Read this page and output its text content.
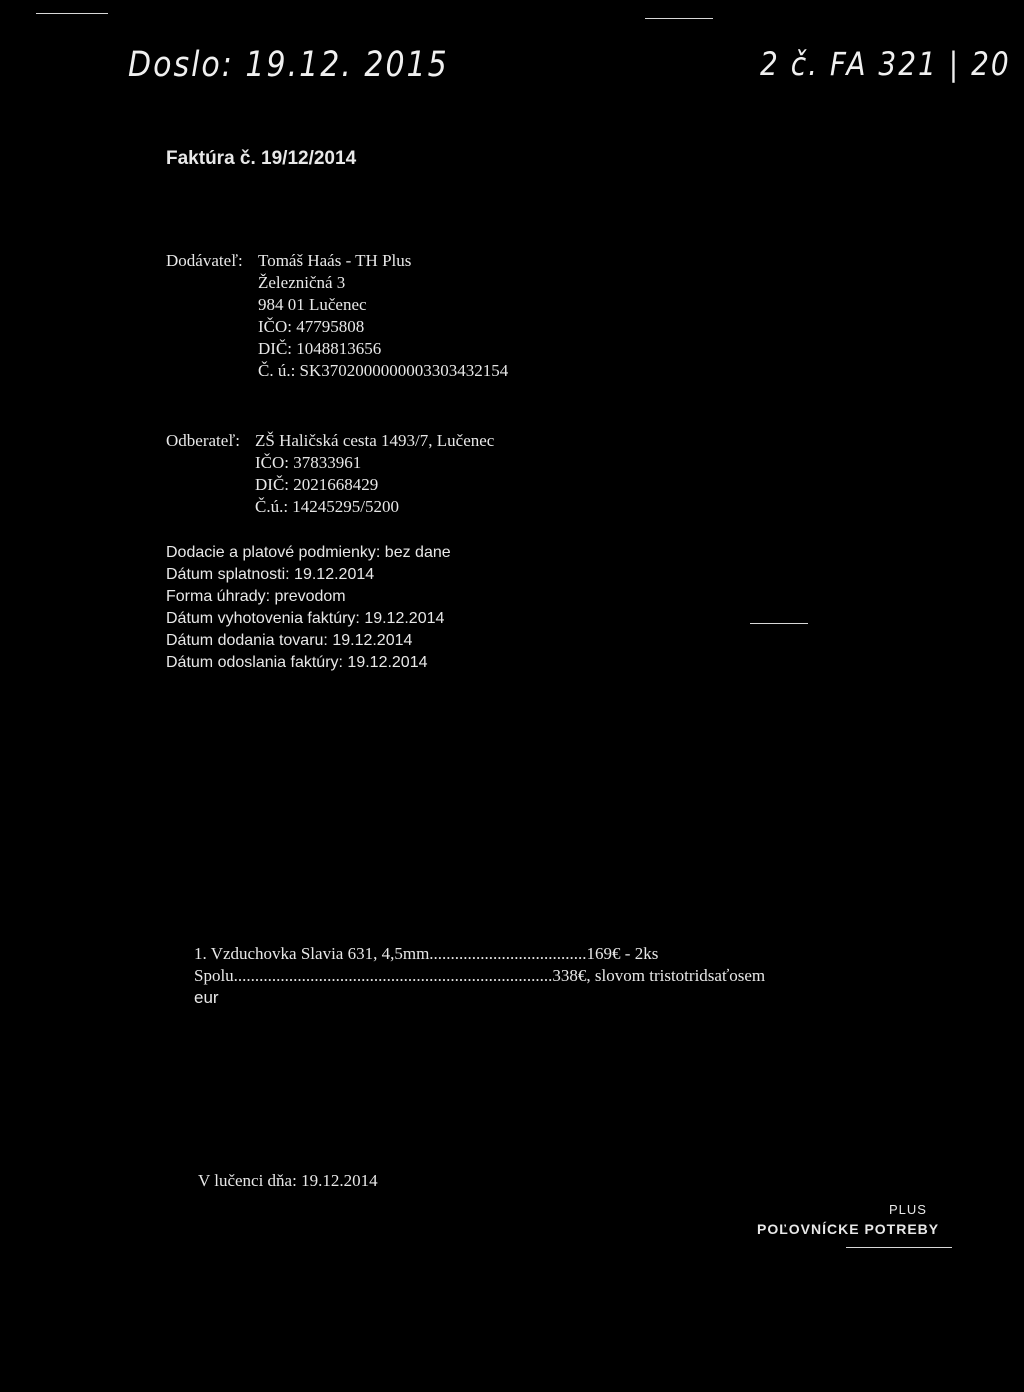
Doslo: 19.12. 2015	2 č. FA 321 | 20
Faktúra č. 19/12/2014
Dodávateľ: Tomáš Haás - TH Plus
Železničná 3
984 01 Lučenec
IČO: 47795808
DIČ: 1048813656
Č. ú.: SK3702000000003303432154
Odberateľ: ZŠ Haličská cesta 1493/7, Lučenec
IČO: 37833961
DIČ: 2021668429
Č.ú.: 14245295/5200
Dodacie a platové podmienky: bez dane
Dátum splatnosti: 19.12.2014
Forma úhrady: prevodom
Dátum vyhotovenia faktúry: 19.12.2014
Dátum dodania tovaru: 19.12.2014
Dátum odoslania faktúry: 19.12.2014
1. Vzduchovka Slavia 631, 4,5mm.....................................169€ - 2ks
Spolu...........................................................................338€, slovom tristotridsaťosem
eur
V lučenci dňa: 19.12.2014
PLUS
POĽOVNÍCKE POTREBY
